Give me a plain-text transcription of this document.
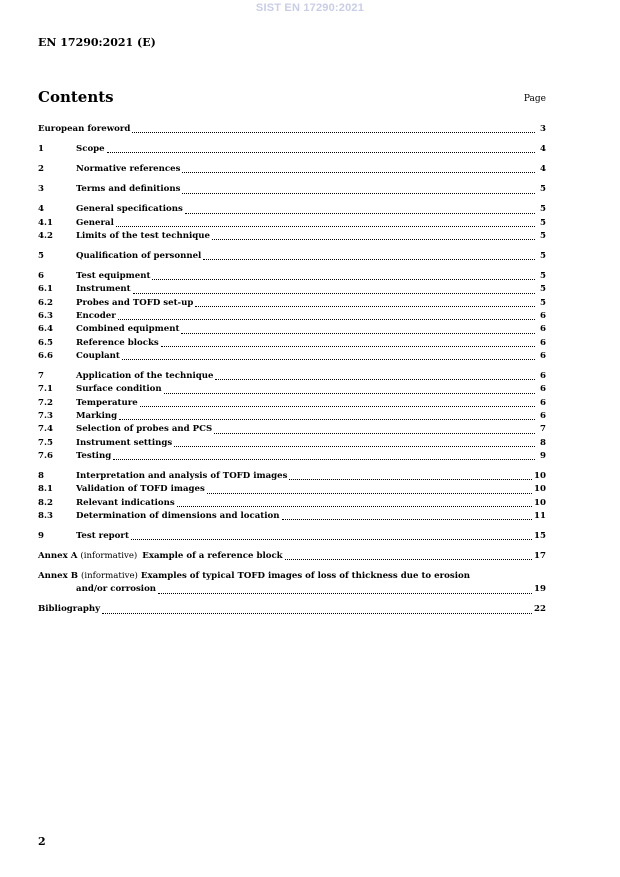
SIST EN 17290:2021
EN 17290:2021 (E)
Contents	Page
European foreword	3
1	Scope	4
2	Normative references	4
3	Terms and definitions	5
4	General specifications	5
4.1	General	5
4.2	Limits of the test technique	5
5	Qualification of personnel	5
6	Test equipment	5
6.1	Instrument	5
6.2	Probes and TOFD set-up	5
6.3	Encoder	6
6.4	Combined equipment	6
6.5	Reference blocks	6
6.6	Couplant	6
7	Application of the technique	6
7.1	Surface condition	6
7.2	Temperature	6
7.3	Marking	6
7.4	Selection of probes and PCS	7
7.5	Instrument settings	8
7.6	Testing	9
8	Interpretation and analysis of TOFD images	10
8.1	Validation of TOFD images	10
8.2	Relevant indications	10
8.3	Determination of dimensions and location	11
9	Test report	15
Annex A (informative) Example of a reference block	17
Annex B (informative) Examples of typical TOFD images of loss of thickness due to erosion
and/or corrosion	19
Bibliography	22
2
